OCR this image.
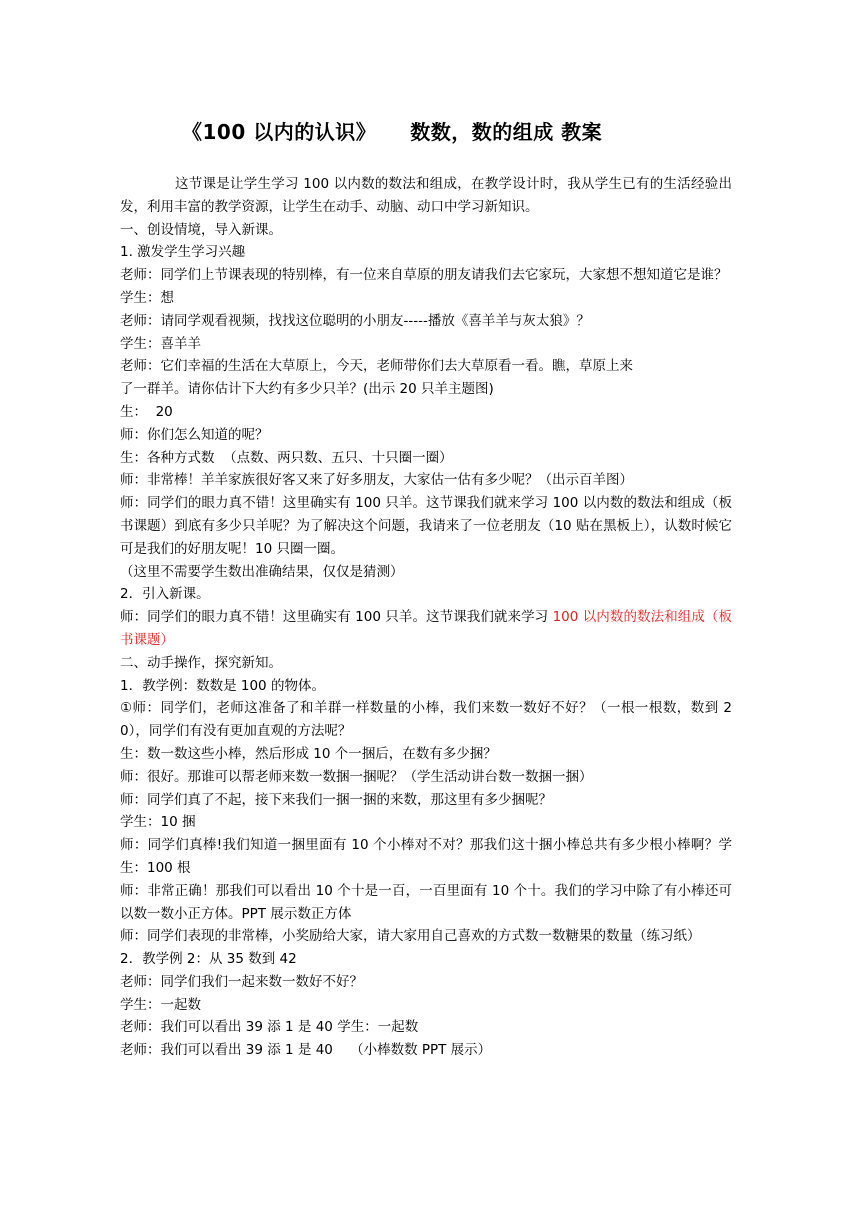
《100 以内的认识》 数数，数的组成 教案

这节课是让学生学习 100 以内数的数法和组成，在教学设计时，我从学生已有的生活经验出发，利用丰富的教学资源，让学生在动手、动脑、动口中学习新知识。

一、创设情境，导入新课。

1. 激发学生学习兴趣

老师：同学们上节课表现的特别棒，有一位来自草原的朋友请我们去它家玩，大家想不想知道它是谁？

学生：想

老师：请同学观看视频，找找这位聪明的小朋友-----播放《喜羊羊与灰太狼》？

学生：喜羊羊

老师：它们幸福的生活在大草原上，今天，老师带你们去大草原看一看。瞧，草原上来

了一群羊。请你估计下大约有多少只羊？(出示 20 只羊主题图)

生：  20

师：你们怎么知道的呢？

生：各种方式数  （点数、两只数、五只、十只圈一圈）

师：非常棒！羊羊家族很好客又来了好多朋友，大家估一估有多少呢？（出示百羊图）

师：同学们的眼力真不错！这里确实有 100 只羊。这节课我们就来学习 100 以内数的数法和组成（板书课题）到底有多少只羊呢？为了解决这个问题，我请来了一位老朋友（10 贴在黑板上），认数时候它可是我们的好朋友呢！10 只圈一圈。

（这里不需要学生数出准确结果，仅仅是猜测）

2．引入新课。

师：同学们的眼力真不错！这里确实有 100 只羊。这节课我们就来学习 100 以内数的数法和组成（板书课题）

二、动手操作，探究新知。

1．教学例：数数是 100 的物体。

①师：同学们，老师这准备了和羊群一样数量的小棒，我们来数一数好不好？（一根一根数，数到 20），同学们有没有更加直观的方法呢？

生：数一数这些小棒，然后形成 10 个一捆后，在数有多少捆？

师：很好。那谁可以帮老师来数一数捆一捆呢？（学生活动讲台数一数捆一捆）

师：同学们真了不起，接下来我们一捆一捆的来数，那这里有多少捆呢？

学生：10 捆

师：同学们真棒!我们知道一捆里面有 10 个小棒对不对？那我们这十捆小棒总共有多少根小棒啊？学生：100 根

师：非常正确！那我们可以看出 10 个十是一百，一百里面有 10 个十。我们的学习中除了有小棒还可以数一数小正方体。PPT 展示数正方体

师：同学们表现的非常棒，小奖励给大家，请大家用自己喜欢的方式数一数糖果的数量（练习纸）

2．教学例 2：从 35 数到 42

老师：同学们我们一起来数一数好不好？

学生：一起数

老师：我们可以看出 39 添 1 是 40 学生：一起数

老师：我们可以看出 39 添 1 是 40    （小棒数数 PPT 展示）
